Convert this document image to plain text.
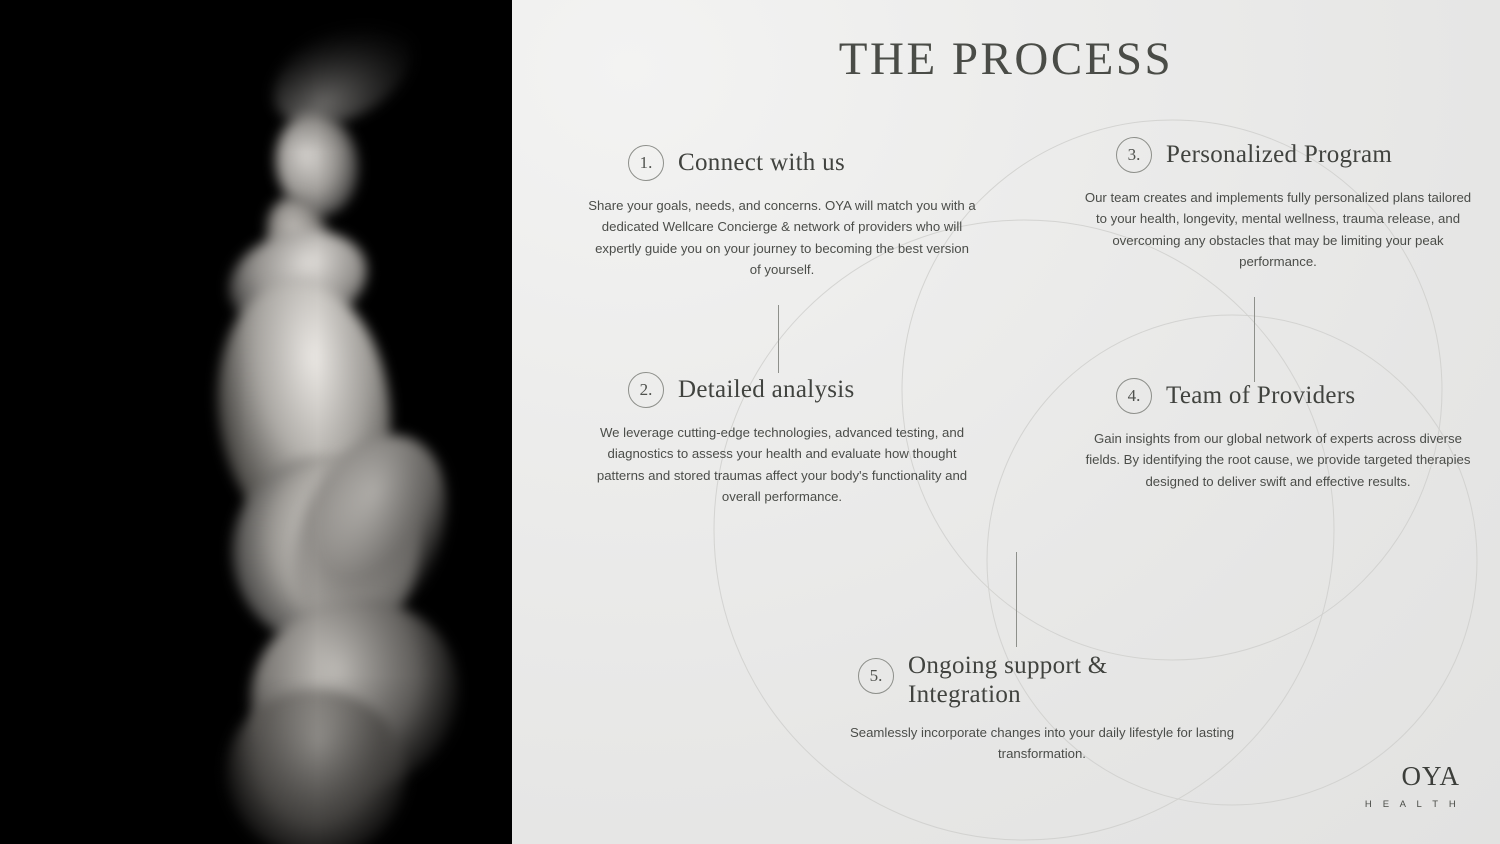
THE PROCESS
1.	Connect with us
Share your goals, needs, and concerns. OYA will match you with a dedicated Wellcare Concierge & network of providers who will expertly guide you on your journey to becoming the best version of yourself.
2.	Detailed analysis
We leverage cutting-edge technologies, advanced testing, and diagnostics to assess your health and evaluate how thought patterns and stored traumas affect your body's functionality and overall performance.
3.	Personalized Program
Our team creates and implements fully personalized plans tailored to your health, longevity, mental wellness, trauma release, and overcoming any obstacles that may be limiting your peak performance.
4.	Team of Providers
Gain insights from our global network of experts across diverse fields. By identifying the root cause, we provide targeted therapies designed to deliver swift and effective results.
5.	Ongoing support & Integration
Seamlessly incorporate changes into your daily lifestyle for lasting transformation.
OYA
H E A L T H
